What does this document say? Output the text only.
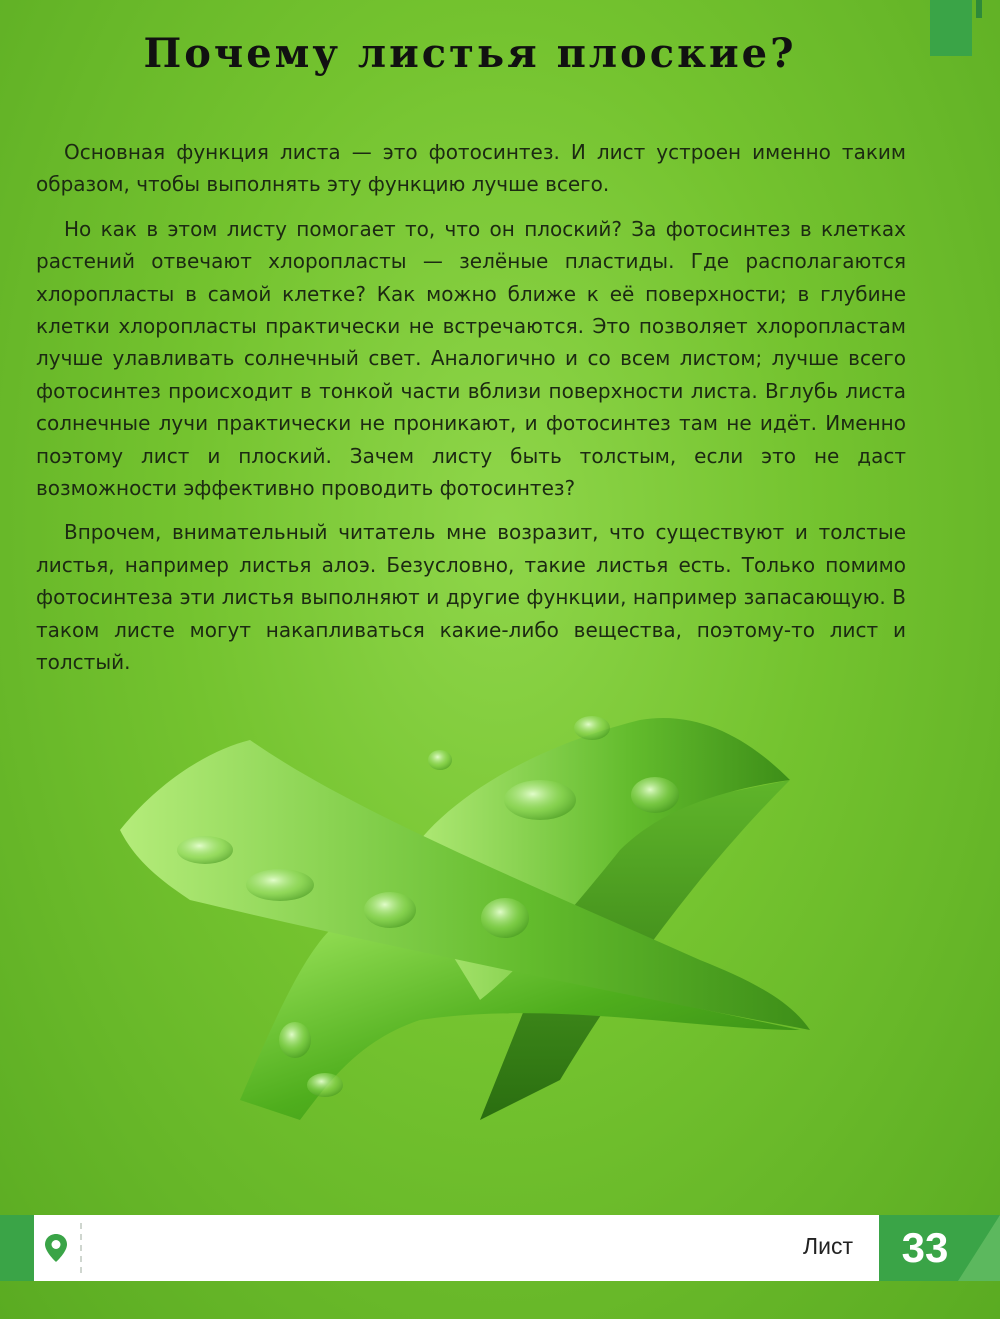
Почему листья плоские?

Основная функция листа — это фотосинтез. И лист устроен именно таким образом, чтобы выполнять эту функцию лучше всего.

Но как в этом листу помогает то, что он плоский? За фотосинтез в клетках растений отвечают хлоропласты — зелёные пластиды. Где располагаются хлоропласты в самой клетке? Как можно ближе к её поверхности; в глубине клетки хлоропласты практически не встречаются. Это позволяет хлоропластам лучше улавливать солнечный свет. Аналогично и со всем листом; лучше всего фотосинтез происходит в тонкой части вблизи поверхности листа. Вглубь листа солнечные лучи практически не проникают, и фотосинтез там не идёт. Именно поэтому лист и плоский. Зачем листу быть толстым, если это не даст возможности эффективно проводить фотосинтез?

Впрочем, внимательный читатель мне возразит, что существуют и толстые листья, например листья алоэ. Безусловно, такие листья есть. Только помимо фотосинтеза эти листья выполняют и другие функции, например запасающую. В таком листе могут накапливаться какие-либо вещества, поэтому-то лист и толстый.

Лист	33
